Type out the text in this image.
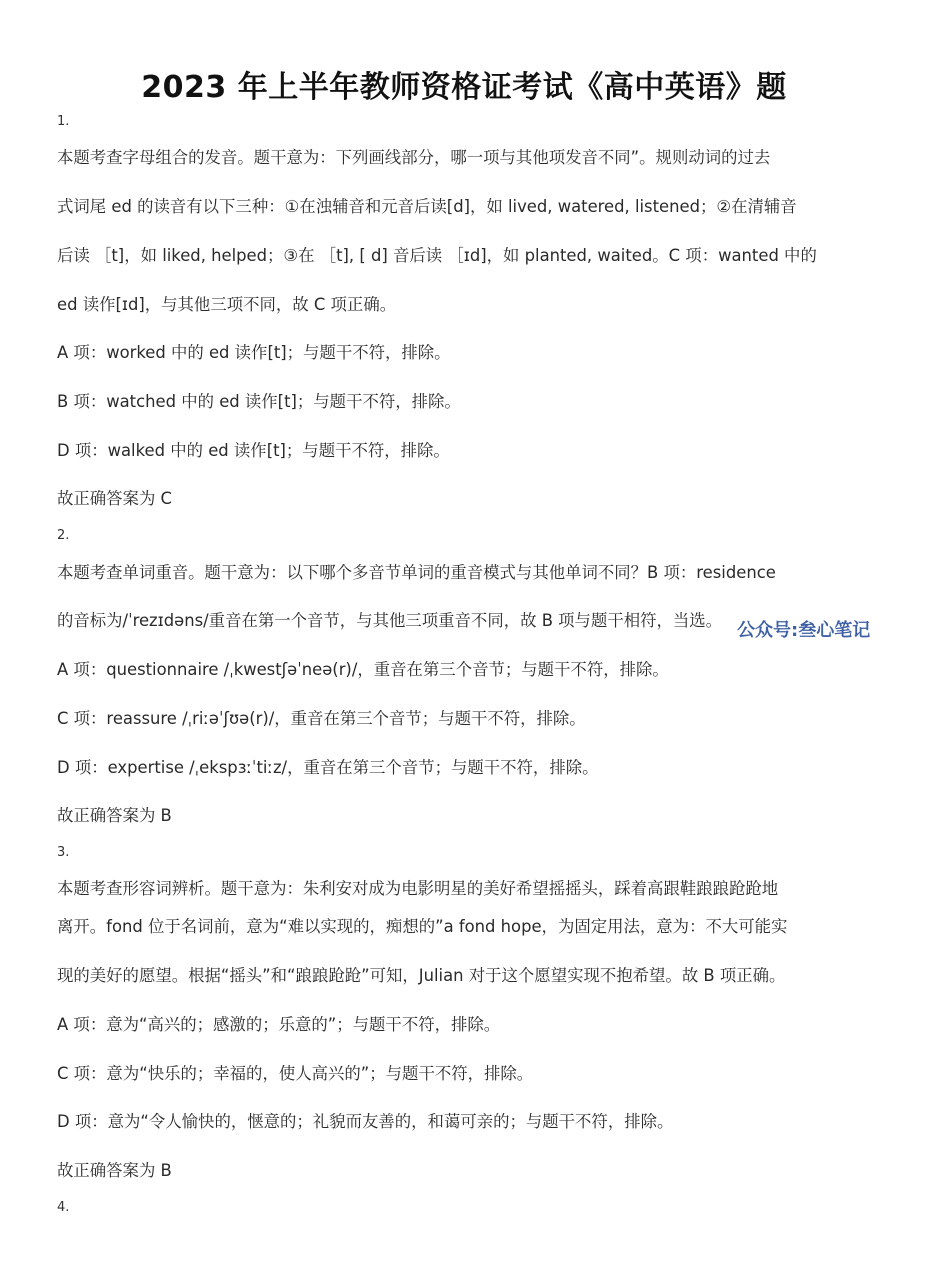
2023 年上半年教师资格证考试《高中英语》题
1.
本题考查字母组合的发音。题干意为：下列画线部分，哪一项与其他项发音不同”。规则动词的过去
式词尾 ed 的读音有以下三种：①在浊辅音和元音后读[d]，如 lived, watered, listened；②在清辅音
后读 ［t]，如 liked, helped；③在 ［t], [ d] 音后读 ［ɪd]，如 planted, waited。C 项：wanted 中的
ed 读作[ɪd]，与其他三项不同，故 C 项正确。
A 项：worked 中的 ed 读作[t]；与题干不符，排除。
B 项：watched 中的 ed 读作[t]；与题干不符，排除。
D 项：walked 中的 ed 读作[t]；与题干不符，排除。
故正确答案为 C
2.
本题考查单词重音。题干意为：以下哪个多音节单词的重音模式与其他单词不同？B 项：residence
的音标为/ˈrezɪdəns/重音在第一个音节，与其他三项重音不同，故 B 项与题干相符，当选。
A 项：questionnaire /ˌkwestʃəˈneə(r)/，重音在第三个音节；与题干不符，排除。
C 项：reassure /ˌriːəˈʃʊə(r)/，重音在第三个音节；与题干不符，排除。
D 项：expertise /ˌekspɜːˈtiːz/，重音在第三个音节；与题干不符，排除。
故正确答案为 B
3.
本题考查形容词辨析。题干意为：朱利安对成为电影明星的美好希望摇摇头，踩着高跟鞋踉踉跄跄地
离开。fond 位于名词前，意为“难以实现的，痴想的”a fond hope，为固定用法，意为：不大可能实
现的美好的愿望。根据“摇头”和“踉踉跄跄”可知，Julian 对于这个愿望实现不抱希望。故 B 项正确。
A 项：意为“高兴的；感激的；乐意的”；与题干不符，排除。
C 项：意为“快乐的；幸福的，使人高兴的”；与题干不符，排除。
D 项：意为“令人愉快的，惬意的；礼貌而友善的，和蔼可亲的；与题干不符，排除。
故正确答案为 B
4.
公众号:叁心笔记
